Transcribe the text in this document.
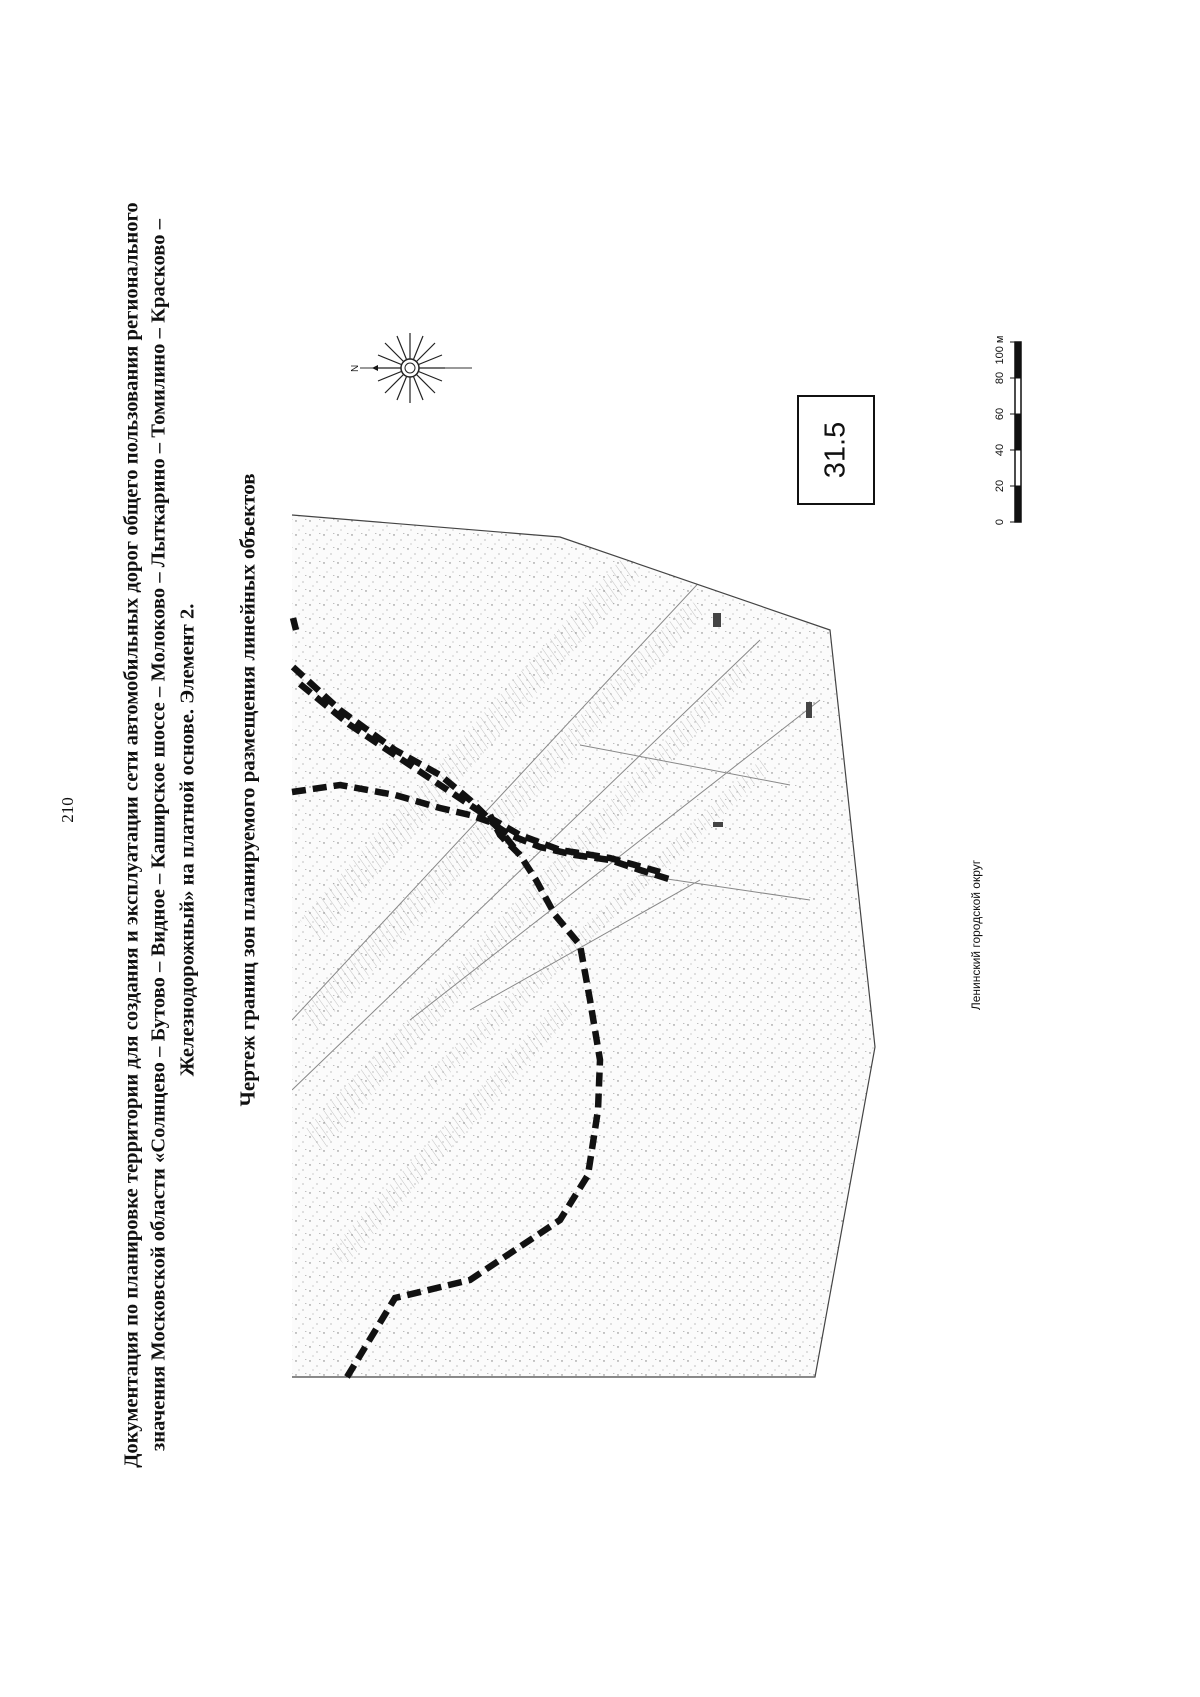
210 Документация по планировке территории для создания и эксплуатации сети автомобильных дорог общего пользования регионального значения Московской области «Солнцево – Бутово – Видное – Каширское шоссе – Молоково – Лыткарино – Томилино – Красково – Железнодорожный» на платной основе. Элемент 2. Чертеж границ зон планируемого размещения линейных объектов
N
0
20
40
60
80
100 м
31.5
Ленинский городской округ
